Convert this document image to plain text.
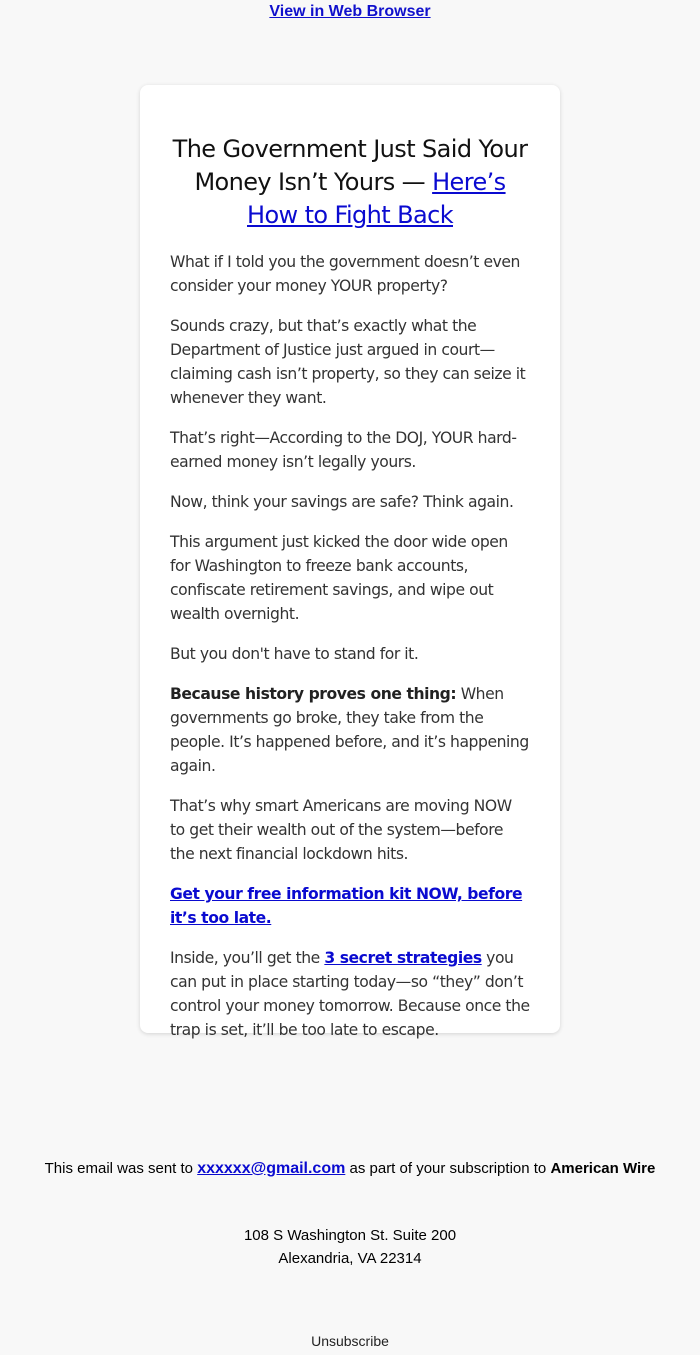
View in Web Browser
The Government Just Said Your Money Isn’t Yours — Here’s How to Fight Back

What if I told you the government doesn’t even consider your money YOUR property?

Sounds crazy, but that’s exactly what the Department of Justice just argued in court—claiming cash isn’t property, so they can seize it whenever they want.

That’s right—According to the DOJ, YOUR hard-earned money isn’t legally yours.

Now, think your savings are safe? Think again.

This argument just kicked the door wide open for Washington to freeze bank accounts, confiscate retirement savings, and wipe out wealth overnight.

But you don't have to stand for it.

Because history proves one thing: When governments go broke, they take from the people. It’s happened before, and it’s happening again.

That’s why smart Americans are moving NOW to get their wealth out of the system—before the next financial lockdown hits.

Get your free information kit NOW, before it’s too late.

Inside, you’ll get the 3 secret strategies you can put in place starting today—so “they” don’t control your money tomorrow. Because once the trap is set, it’ll be too late to escape.

This email was sent to xxxxxx@gmail.com as part of your subscription to American Wire
108 S Washington St. Suite 200
Alexandria, VA 22314
Unsubscribe
